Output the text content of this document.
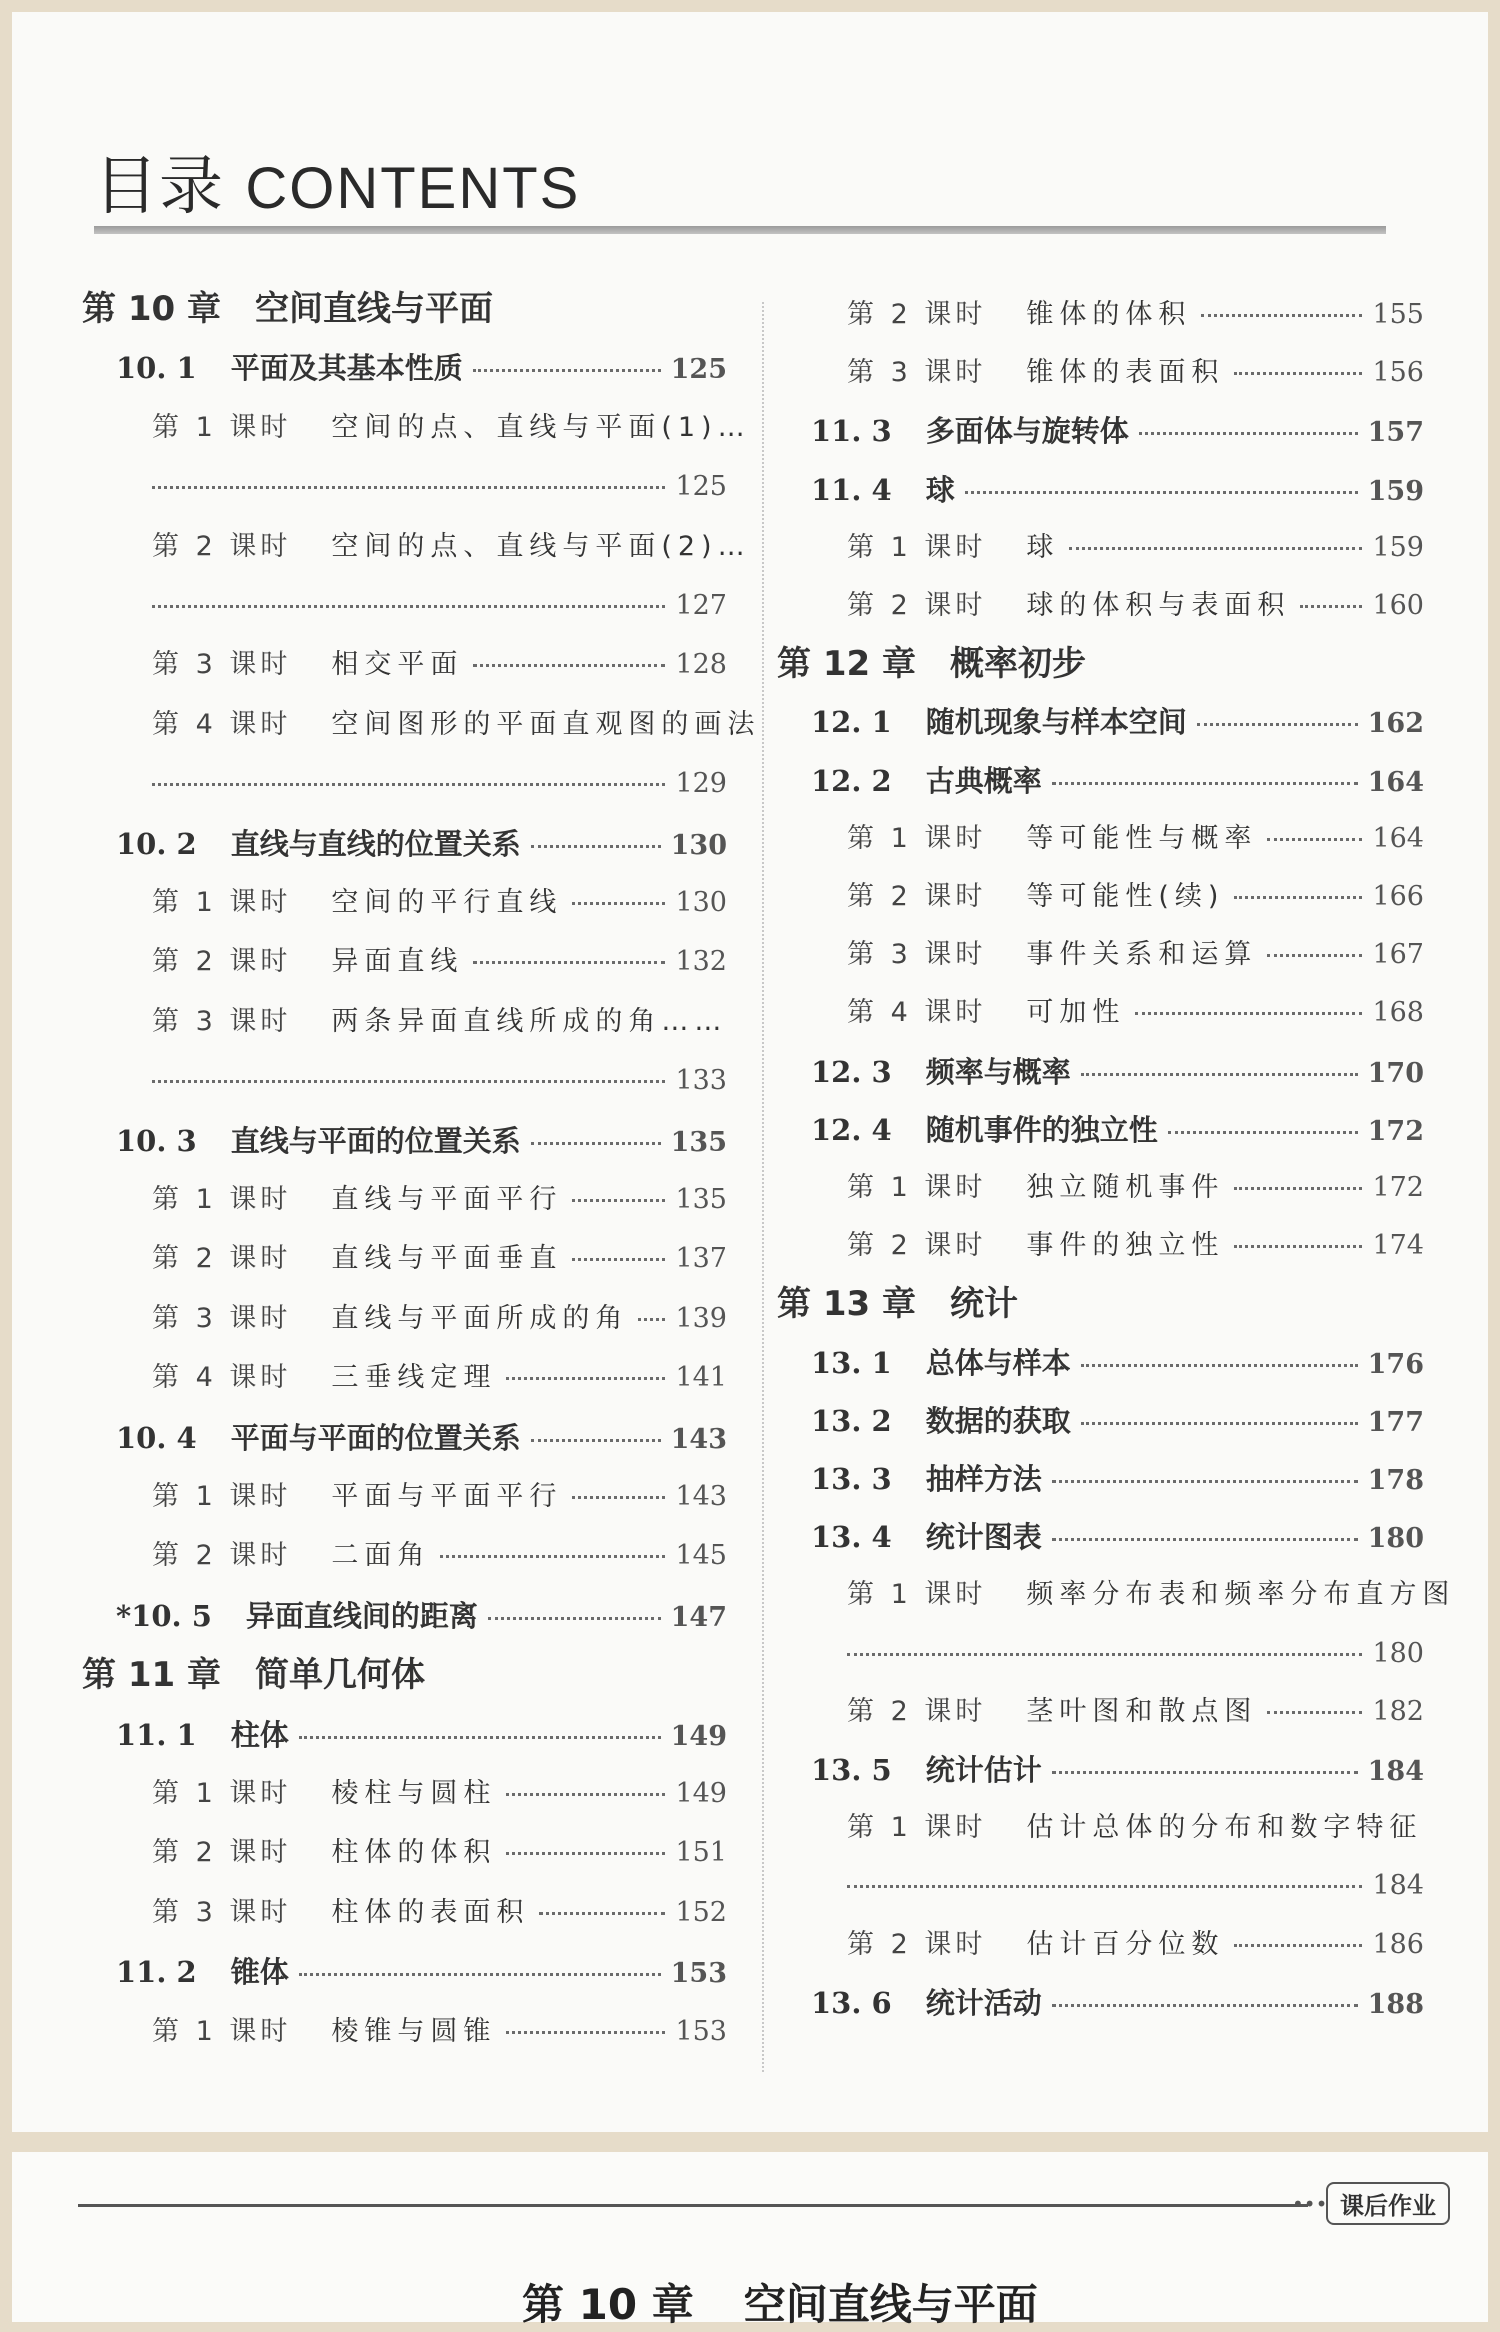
目录 CONTENTS
第 10 章 空间直线与平面
10. 1 平面及其基本性质	125
第 1 课时 空间的点、直线与平面(1)…
125
第 2 课时 空间的点、直线与平面(2)…
127
第 3 课时 相交平面	128
第 4 课时 空间图形的平面直观图的画法
129
10. 2 直线与直线的位置关系	130
第 1 课时 空间的平行直线	130
第 2 课时 异面直线	132
第 3 课时 两条异面直线所成的角……
133
10. 3 直线与平面的位置关系	135
第 1 课时 直线与平面平行	135
第 2 课时 直线与平面垂直	137
第 3 课时 直线与平面所成的角 139
第 4 课时 三垂线定理	141
10. 4 平面与平面的位置关系	143
第 1 课时 平面与平面平行	143
第 2 课时 二面角	145
*10. 5 异面直线间的距离	147
第 11 章 简单几何体
11. 1 柱体	149
第 1 课时 棱柱与圆柱	149
第 2 课时 柱体的体积	151
第 3 课时 柱体的表面积	152
11. 2 锥体	153
第 1 课时 棱锥与圆锥	153
第 2 课时 锥体的体积	155
第 3 课时 锥体的表面积	156
11. 3 多面体与旋转体	157
11. 4 球	159
第 1 课时 球	159
第 2 课时 球的体积与表面积	160
第 12 章 概率初步
12. 1 随机现象与样本空间	162
12. 2 古典概率	164
第 1 课时 等可能性与概率	164
第 2 课时 等可能性(续)	166
第 3 课时 事件关系和运算	167
第 4 课时 可加性	168
12. 3 频率与概率	170
12. 4 随机事件的独立性	172
第 1 课时 独立随机事件	172
第 2 课时 事件的独立性	174
第 13 章 统计
13. 1 总体与样本	176
13. 2 数据的获取	177
13. 3 抽样方法	178
13. 4 统计图表	180
第 1 课时 频率分布表和频率分布直方图
180
第 2 课时 茎叶图和散点图	182
13. 5 统计估计	184
第 1 课时 估计总体的分布和数字特征
184
第 2 课时 估计百分位数	186
13. 6 统计活动	188
••• 课后作业
第 10 章 空间直线与平面
